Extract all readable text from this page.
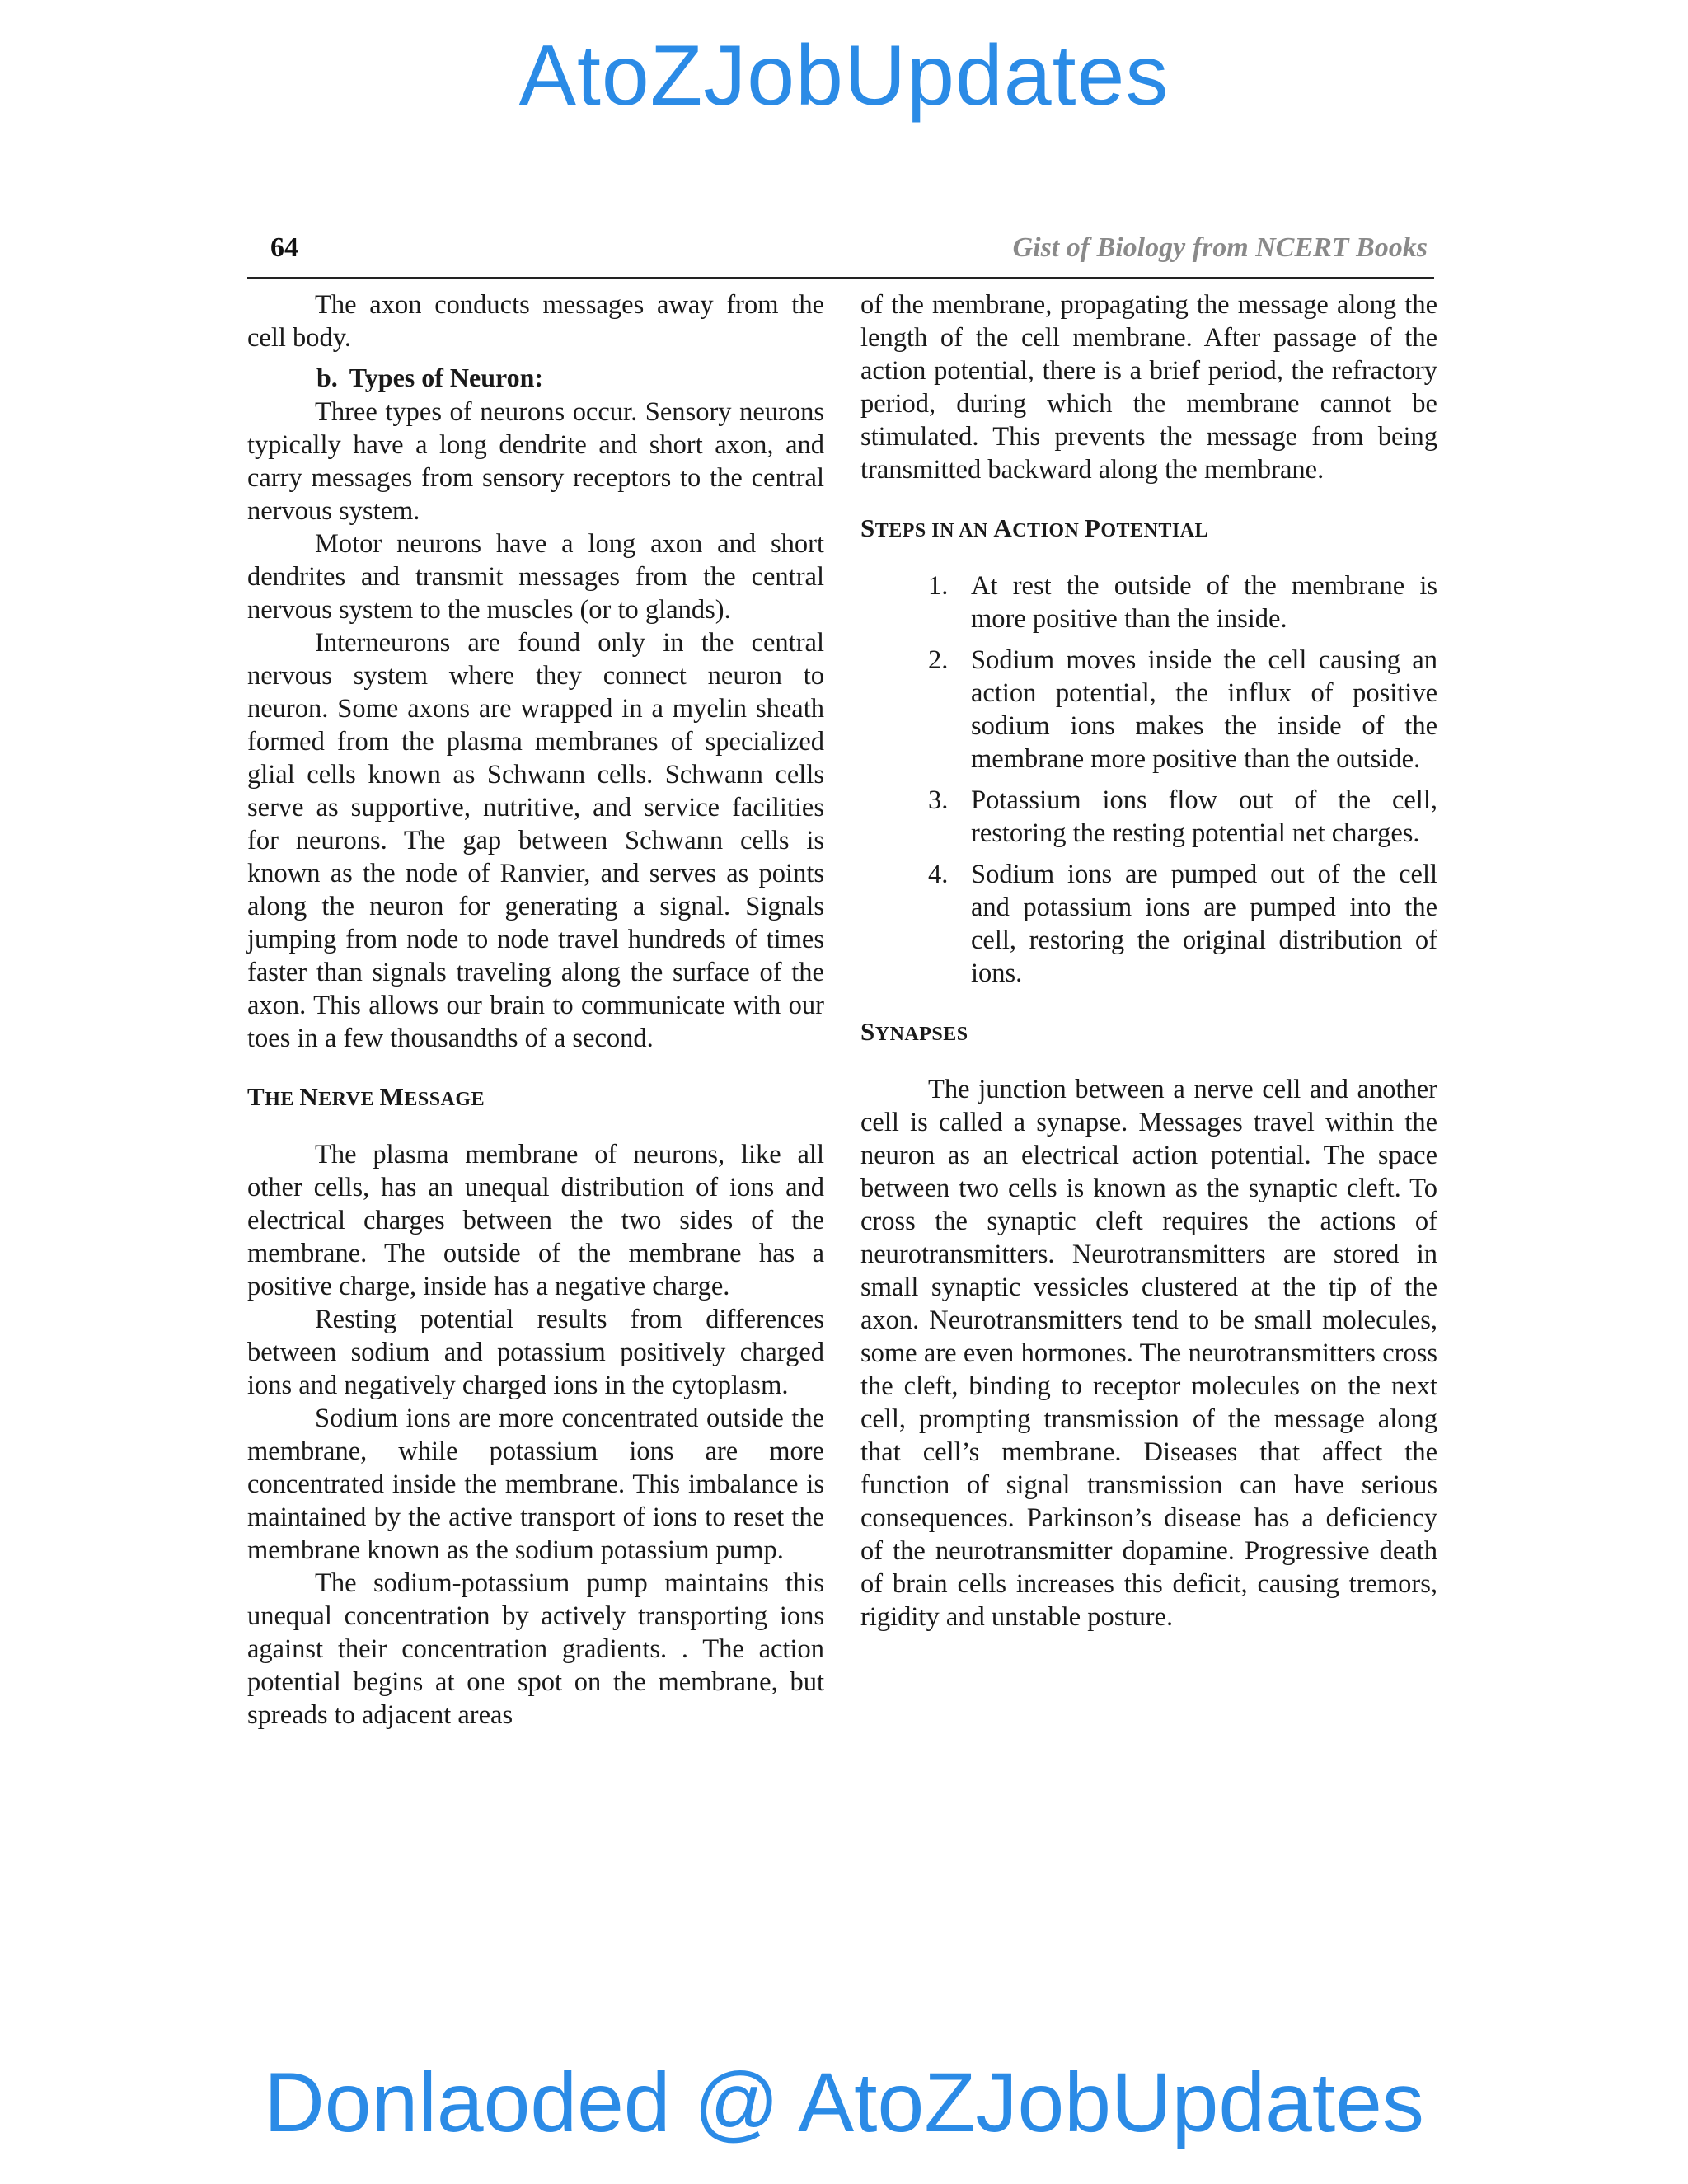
AtoZJobUpdates
64	Gist of Biology from NCERT Books

The axon conducts messages away from the cell body.

b. Types of Neuron:

Three types of neurons occur. Sensory neurons typically have a long dendrite and short axon, and carry messages from sensory receptors to the central nervous system.

Motor neurons have a long axon and short dendrites and transmit messages from the central nervous system to the muscles (or to glands).

Interneurons are found only in the central nervous system where they connect neuron to neuron. Some axons are wrapped in a myelin sheath formed from the plasma membranes of specialized glial cells known as Schwann cells. Schwann cells serve as supportive, nutritive, and service facilities for neurons. The gap between Schwann cells is known as the node of Ranvier, and serves as points along the neuron for generating a signal. Signals jumping from node to node travel hundreds of times faster than signals traveling along the surface of the axon. This allows our brain to communicate with our toes in a few thousandths of a second.

THE NERVE MESSAGE

The plasma membrane of neurons, like all other cells, has an unequal distribution of ions and electrical charges between the two sides of the membrane. The outside of the membrane has a positive charge, inside has a negative charge.

Resting potential results from differences between sodium and potassium positively charged ions and negatively charged ions in the cytoplasm.

Sodium ions are more concentrated outside the membrane, while potassium ions are more concentrated inside the membrane. This imbalance is maintained by the active transport of ions to reset the membrane known as the sodium potassium pump.

The sodium-potassium pump maintains this unequal concentration by actively transporting ions against their concentration gradients. . The action potential begins at one spot on the membrane, but spreads to adjacent areas

of the membrane, propagating the message along the length of the cell membrane. After passage of the action potential, there is a brief period, the refractory period, during which the membrane cannot be stimulated. This prevents the message from being transmitted backward along the membrane.

STEPS IN AN ACTION POTENTIAL
1. At rest the outside of the membrane is more positive than the inside.
2. Sodium moves inside the cell causing an action potential, the influx of positive sodium ions makes the inside of the membrane more positive than the outside.
3. Potassium ions flow out of the cell, restoring the resting potential net charges.
4. Sodium ions are pumped out of the cell and potassium ions are pumped into the cell, restoring the original distribution of ions.
SYNAPSES

The junction between a nerve cell and another cell is called a synapse. Messages travel within the neuron as an electrical action potential. The space between two cells is known as the synaptic cleft. To cross the synaptic cleft requires the actions of neurotransmitters. Neurotransmitters are stored in small synaptic vessicles clustered at the tip of the axon. Neurotransmitters tend to be small molecules, some are even hormones. The neurotransmitters cross the cleft, binding to receptor molecules on the next cell, prompting transmission of the message along that cell’s membrane. Diseases that affect the function of signal transmission can have serious consequences. Parkinson’s disease has a deficiency of the neurotransmitter dopamine. Progressive death of brain cells increases this deficit, causing tremors, rigidity and unstable posture.

Donlaoded @ AtoZJobUpdates
